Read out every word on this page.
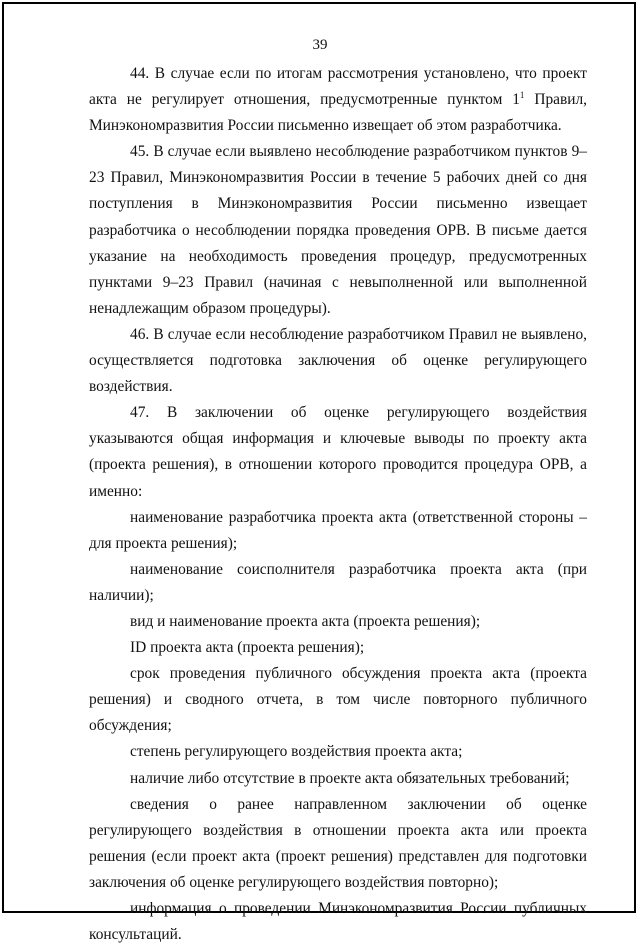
39

44. В случае если по итогам рассмотрения установлено, что проект акта не регулирует отношения, предусмотренные пунктом $1^1$ Правил, Минэкономразвития России письменно извещает об этом разработчика.

45. В случае если выявлено несоблюдение разработчиком пунктов 9–23 Правил, Минэкономразвития России в течение 5 рабочих дней со дня поступления в Минэкономразвития России письменно извещает разработчика о несоблюдении порядка проведения ОРВ. В письме дается указание на необходимость проведения процедур, предусмотренных пунктами 9–23 Правил (начиная с невыполненной или выполненной ненадлежащим образом процедуры).

46. В случае если несоблюдение разработчиком Правил не выявлено, осуществляется подготовка заключения об оценке регулирующего воздействия.

47. В заключении об оценке регулирующего воздействия указываются общая информация и ключевые выводы по проекту акта (проекта решения), в отношении которого проводится процедура ОРВ, а именно:

наименование разработчика проекта акта (ответственной стороны – для проекта решения);

наименование соисполнителя разработчика проекта акта (при наличии);

вид и наименование проекта акта (проекта решения);

ID проекта акта (проекта решения);

срок проведения публичного обсуждения проекта акта (проекта решения) и сводного отчета, в том числе повторного публичного обсуждения;

степень регулирующего воздействия проекта акта;

наличие либо отсутствие в проекте акта обязательных требований;

сведения о ранее направленном заключении об оценке регулирующего воздействия в отношении проекта акта или проекта решения (если проект акта (проект решения) представлен для подготовки заключения об оценке регулирующего воздействия повторно);

информация о проведении Минэкономразвития России публичных консультаций.
